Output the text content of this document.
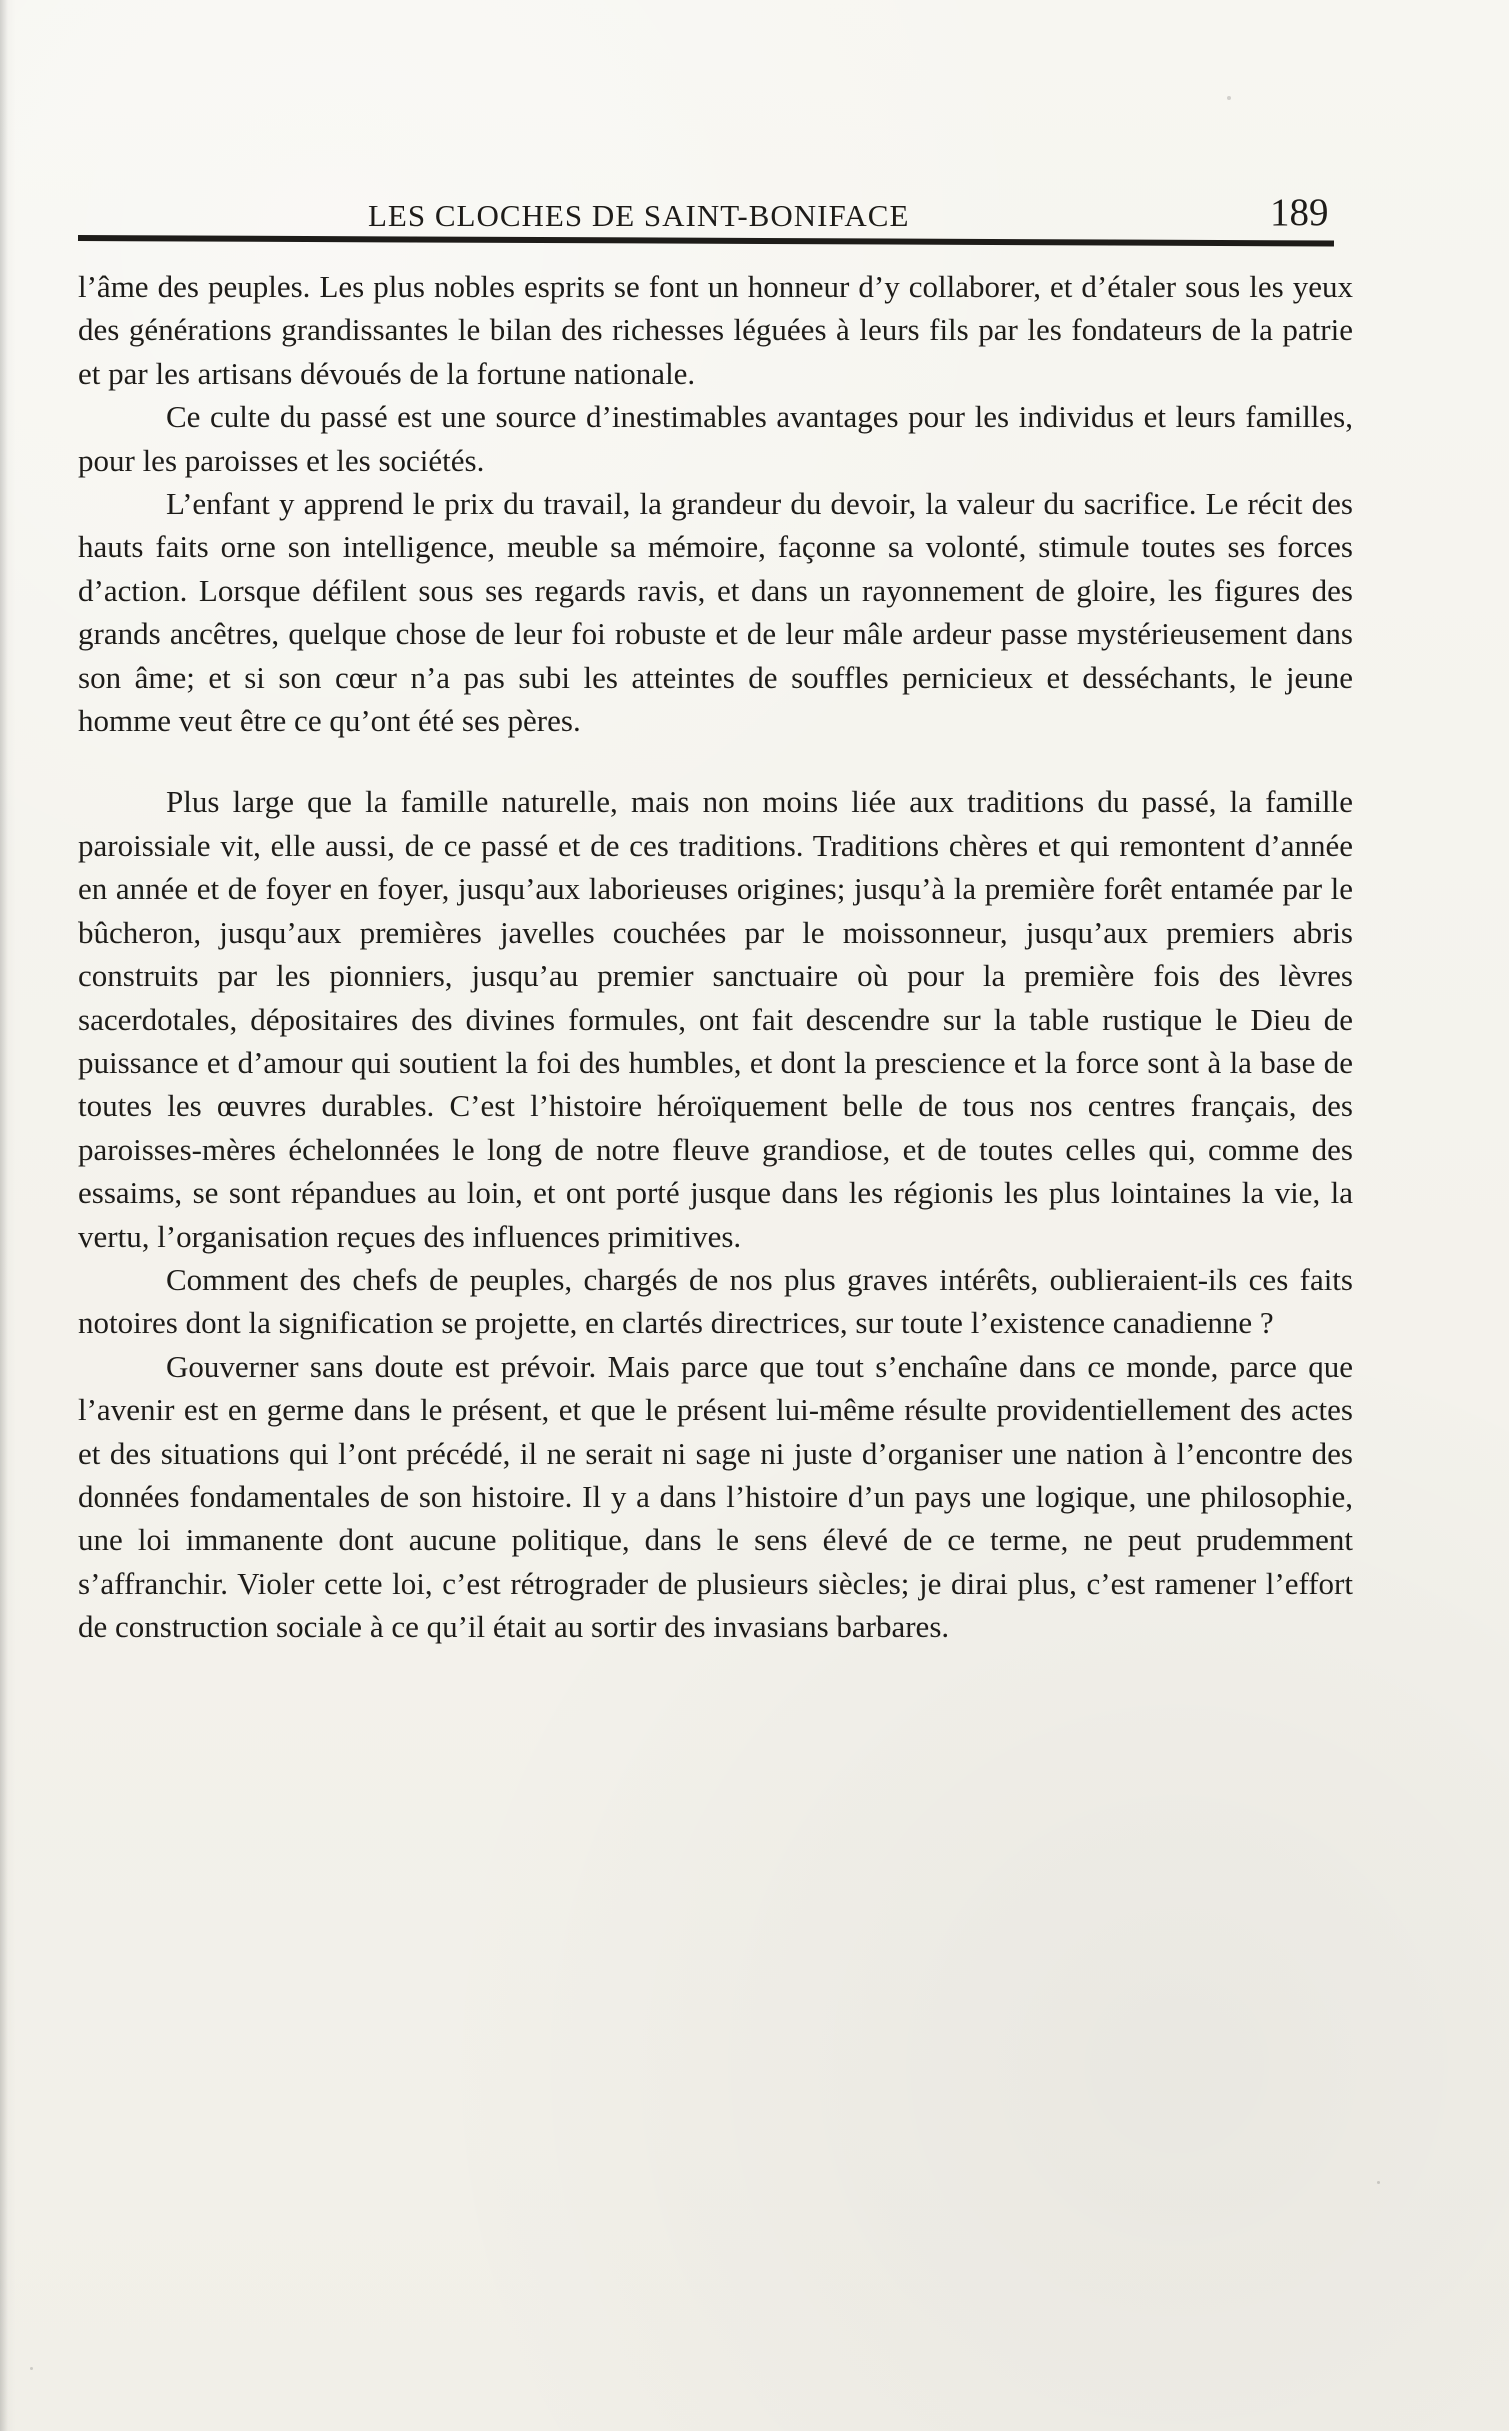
LES CLOCHES DE SAINT-BONIFACE	189

l’âme des peuples. Les plus nobles esprits se font un honneur d’y collaborer, et d’étaler sous les yeux des générations grandissantes le bilan des richesses léguées à leurs fils par les fondateurs de la patrie et par les artisans dévoués de la fortune nationale.

Ce culte du passé est une source d’inestimables avantages pour les individus et leurs familles, pour les paroisses et les sociétés.

L’enfant y apprend le prix du travail, la grandeur du devoir, la valeur du sacrifice. Le récit des hauts faits orne son intelligence, meuble sa mémoire, façonne sa volonté, stimule toutes ses forces d’action. Lorsque défilent sous ses regards ravis, et dans un rayonnement de gloire, les figures des grands ancêtres, quelque chose de leur foi robuste et de leur mâle ardeur passe mystérieusement dans son âme; et si son cœur n’a pas subi les atteintes de souffles pernicieux et desséchants, le jeune homme veut être ce qu’ont été ses pères.

Plus large que la famille naturelle, mais non moins liée aux traditions du passé, la famille paroissiale vit, elle aussi, de ce passé et de ces traditions. Traditions chères et qui remontent d’année en année et de foyer en foyer, jusqu’aux laborieuses origines; jusqu’à la première forêt entamée par le bûcheron, jusqu’aux premières javelles couchées par le moissonneur, jusqu’aux premiers abris construits par les pionniers, jusqu’au premier sanctuaire où pour la première fois des lèvres sacerdotales, dépositaires des divines formules, ont fait descendre sur la table rustique le Dieu de puissance et d’amour qui soutient la foi des humbles, et dont la prescience et la force sont à la base de toutes les œuvres durables. C’est l’histoire héroïquement belle de tous nos centres français, des paroisses-mères échelonnées le long de notre fleuve grandiose, et de toutes celles qui, comme des essaims, se sont répandues au loin, et ont porté jusque dans les régionis les plus lointaines la vie, la vertu, l’organisation reçues des influences primitives.

Comment des chefs de peuples, chargés de nos plus graves intérêts, oublieraient-ils ces faits notoires dont la signification se projette, en clartés directrices, sur toute l’existence canadienne ?

Gouverner sans doute est prévoir. Mais parce que tout s’enchaîne dans ce monde, parce que l’avenir est en germe dans le présent, et que le présent lui-même résulte providentiellement des actes et des situations qui l’ont précédé, il ne serait ni sage ni juste d’organiser une nation à l’encontre des données fondamentales de son histoire. Il y a dans l’histoire d’un pays une logique, une philosophie, une loi immanente dont aucune politique, dans le sens élevé de ce terme, ne peut prudemment s’affranchir. Violer cette loi, c’est rétrograder de plusieurs siècles; je dirai plus, c’est ramener l’effort de construction sociale à ce qu’il était au sortir des invasians barbares.
